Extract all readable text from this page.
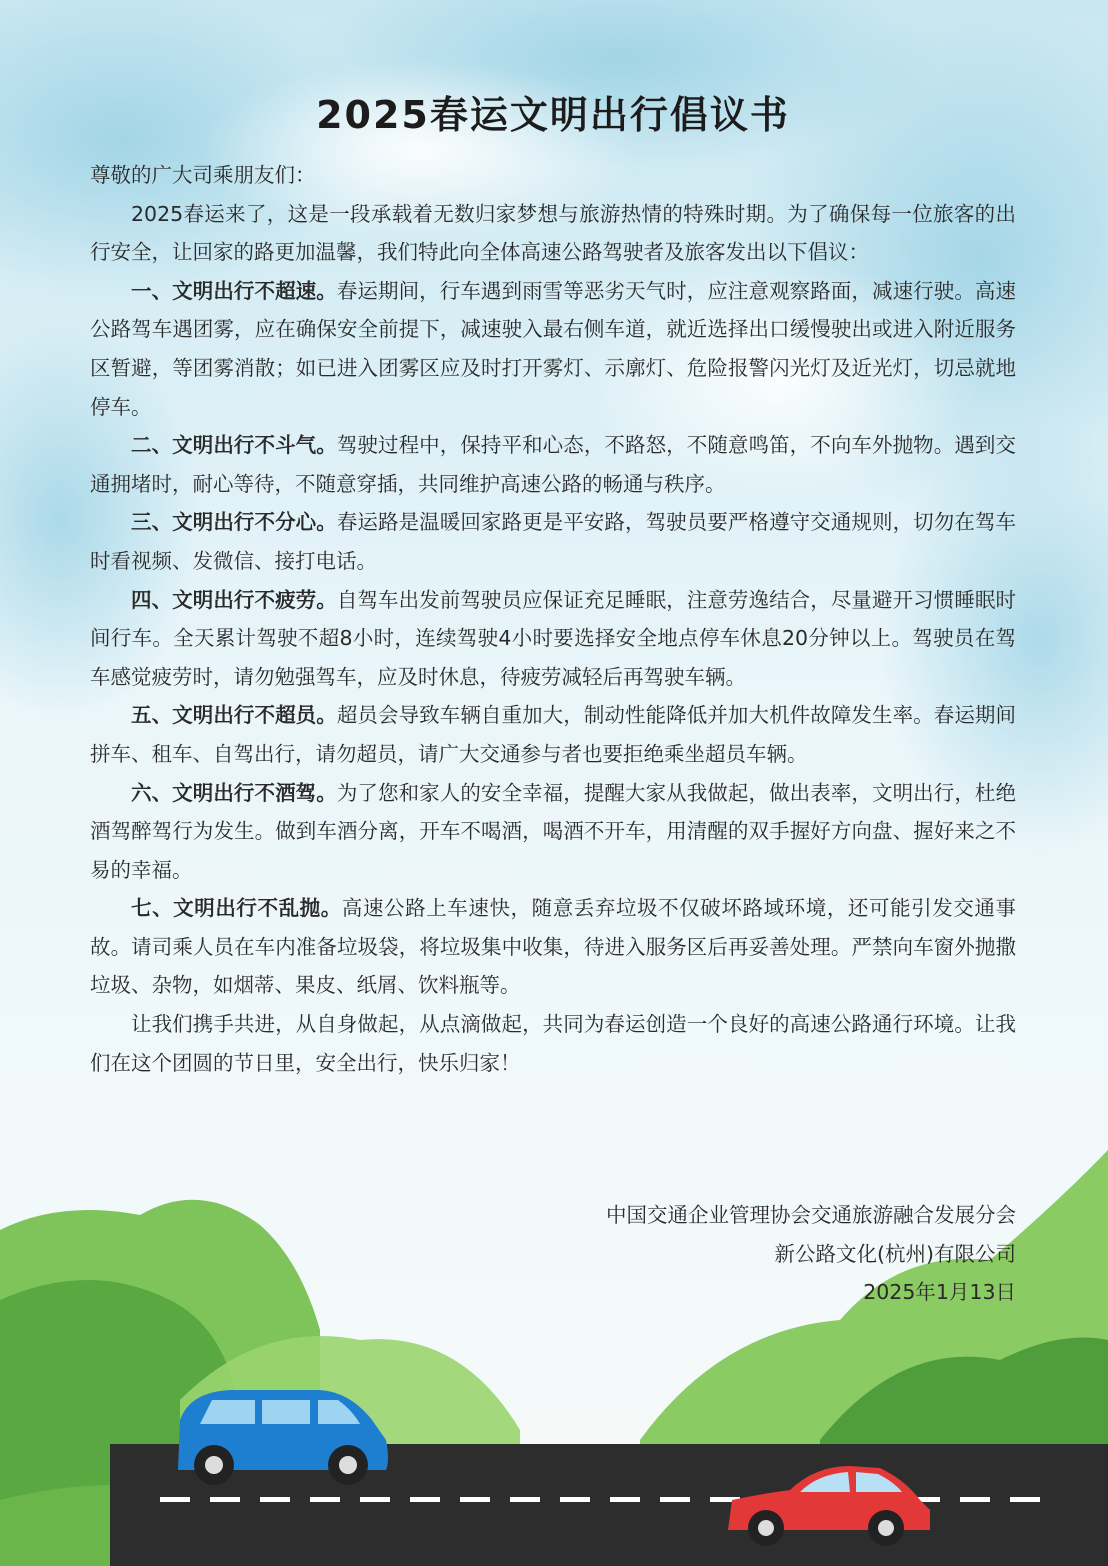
2025春运文明出行倡议书

尊敬的广大司乘朋友们：

2025春运来了，这是一段承载着无数归家梦想与旅游热情的特殊时期。为了确保每一位旅客的出行安全，让回家的路更加温馨，我们特此向全体高速公路驾驶者及旅客发出以下倡议：

一、文明出行不超速。春运期间，行车遇到雨雪等恶劣天气时，应注意观察路面，减速行驶。高速公路驾车遇团雾，应在确保安全前提下，减速驶入最右侧车道，就近选择出口缓慢驶出或进入附近服务区暂避，等团雾消散；如已进入团雾区应及时打开雾灯、示廓灯、危险报警闪光灯及近光灯，切忌就地停车。

二、文明出行不斗气。驾驶过程中，保持平和心态，不路怒，不随意鸣笛，不向车外抛物。遇到交通拥堵时，耐心等待，不随意穿插，共同维护高速公路的畅通与秩序。

三、文明出行不分心。春运路是温暖回家路更是平安路，驾驶员要严格遵守交通规则，切勿在驾车时看视频、发微信、接打电话。

四、文明出行不疲劳。自驾车出发前驾驶员应保证充足睡眠，注意劳逸结合，尽量避开习惯睡眠时间行车。全天累计驾驶不超8小时，连续驾驶4小时要选择安全地点停车休息20分钟以上。驾驶员在驾车感觉疲劳时，请勿勉强驾车，应及时休息，待疲劳减轻后再驾驶车辆。

五、文明出行不超员。超员会导致车辆自重加大，制动性能降低并加大机件故障发生率。春运期间拼车、租车、自驾出行，请勿超员，请广大交通参与者也要拒绝乘坐超员车辆。

六、文明出行不酒驾。为了您和家人的安全幸福，提醒大家从我做起，做出表率，文明出行，杜绝酒驾醉驾行为发生。做到车酒分离，开车不喝酒，喝酒不开车，用清醒的双手握好方向盘、握好来之不易的幸福。

七、文明出行不乱抛。高速公路上车速快，随意丢弃垃圾不仅破坏路域环境，还可能引发交通事故。请司乘人员在车内准备垃圾袋，将垃圾集中收集，待进入服务区后再妥善处理。严禁向车窗外抛撒垃圾、杂物，如烟蒂、果皮、纸屑、饮料瓶等。

让我们携手共进，从自身做起，从点滴做起，共同为春运创造一个良好的高速公路通行环境。让我们在这个团圆的节日里，安全出行，快乐归家！

中国交通企业管理协会交通旅游融合发展分会
新公路文化(杭州)有限公司
2025年1月13日
